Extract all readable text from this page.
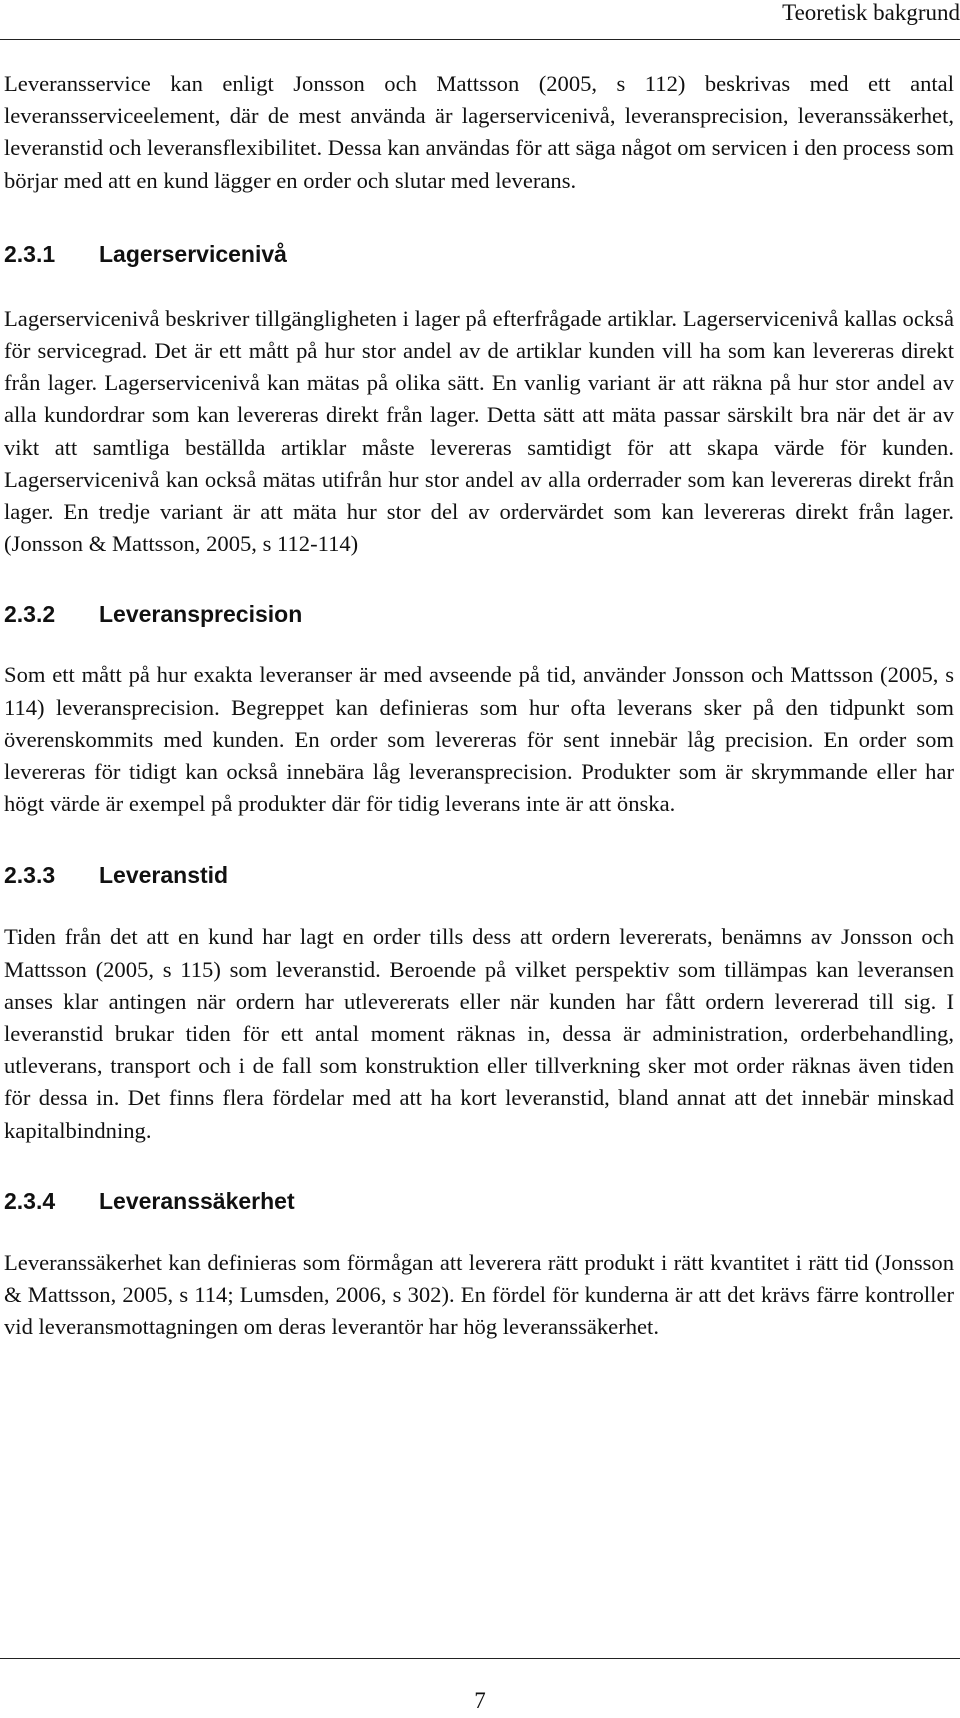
Teoretisk bakgrund

Leveransservice kan enligt Jonsson och Mattsson (2005, s 112) beskrivas med ett antal leveransserviceelement, där de mest använda är lagerservicenivå, leveransprecision, leveranssäkerhet, leveranstid och leveransflexibilitet. Dessa kan användas för att säga något om servicen i den process som börjar med att en kund lägger en order och slutar med leverans.

2.3.1 Lagerservicenivå

Lagerservicenivå beskriver tillgängligheten i lager på efterfrågade artiklar. Lagerservicenivå kallas också för servicegrad. Det är ett mått på hur stor andel av de artiklar kunden vill ha som kan levereras direkt från lager. Lagerservicenivå kan mätas på olika sätt. En vanlig variant är att räkna på hur stor andel av alla kundordrar som kan levereras direkt från lager. Detta sätt att mäta passar särskilt bra när det är av vikt att samtliga beställda artiklar måste levereras samtidigt för att skapa värde för kunden. Lagerservicenivå kan också mätas utifrån hur stor andel av alla orderrader som kan levereras direkt från lager. En tredje variant är att mäta hur stor del av ordervärdet som kan levereras direkt från lager. (Jonsson & Mattsson, 2005, s 112-114)

2.3.2 Leveransprecision

Som ett mått på hur exakta leveranser är med avseende på tid, använder Jonsson och Mattsson (2005, s 114) leveransprecision. Begreppet kan definieras som hur ofta leverans sker på den tidpunkt som överenskommits med kunden. En order som levereras för sent innebär låg precision. En order som levereras för tidigt kan också innebära låg leveransprecision. Produkter som är skrymmande eller har högt värde är exempel på produkter där för tidig leverans inte är att önska.

2.3.3 Leveranstid

Tiden från det att en kund har lagt en order tills dess att ordern levererats, benämns av Jonsson och Mattsson (2005, s 115) som leveranstid. Beroende på vilket perspektiv som tillämpas kan leveransen anses klar antingen när ordern har utlevererats eller när kunden har fått ordern levererad till sig. I leveranstid brukar tiden för ett antal moment räknas in, dessa är administration, orderbehandling, utleverans, transport och i de fall som konstruktion eller tillverkning sker mot order räknas även tiden för dessa in. Det finns flera fördelar med att ha kort leveranstid, bland annat att det innebär minskad kapitalbindning.

2.3.4 Leveranssäkerhet

Leveranssäkerhet kan definieras som förmågan att leverera rätt produkt i rätt kvantitet i rätt tid (Jonsson & Mattsson, 2005, s 114; Lumsden, 2006, s 302). En fördel för kunderna är att det krävs färre kontroller vid leveransmottagningen om deras leverantör har hög leveranssäkerhet.

7
